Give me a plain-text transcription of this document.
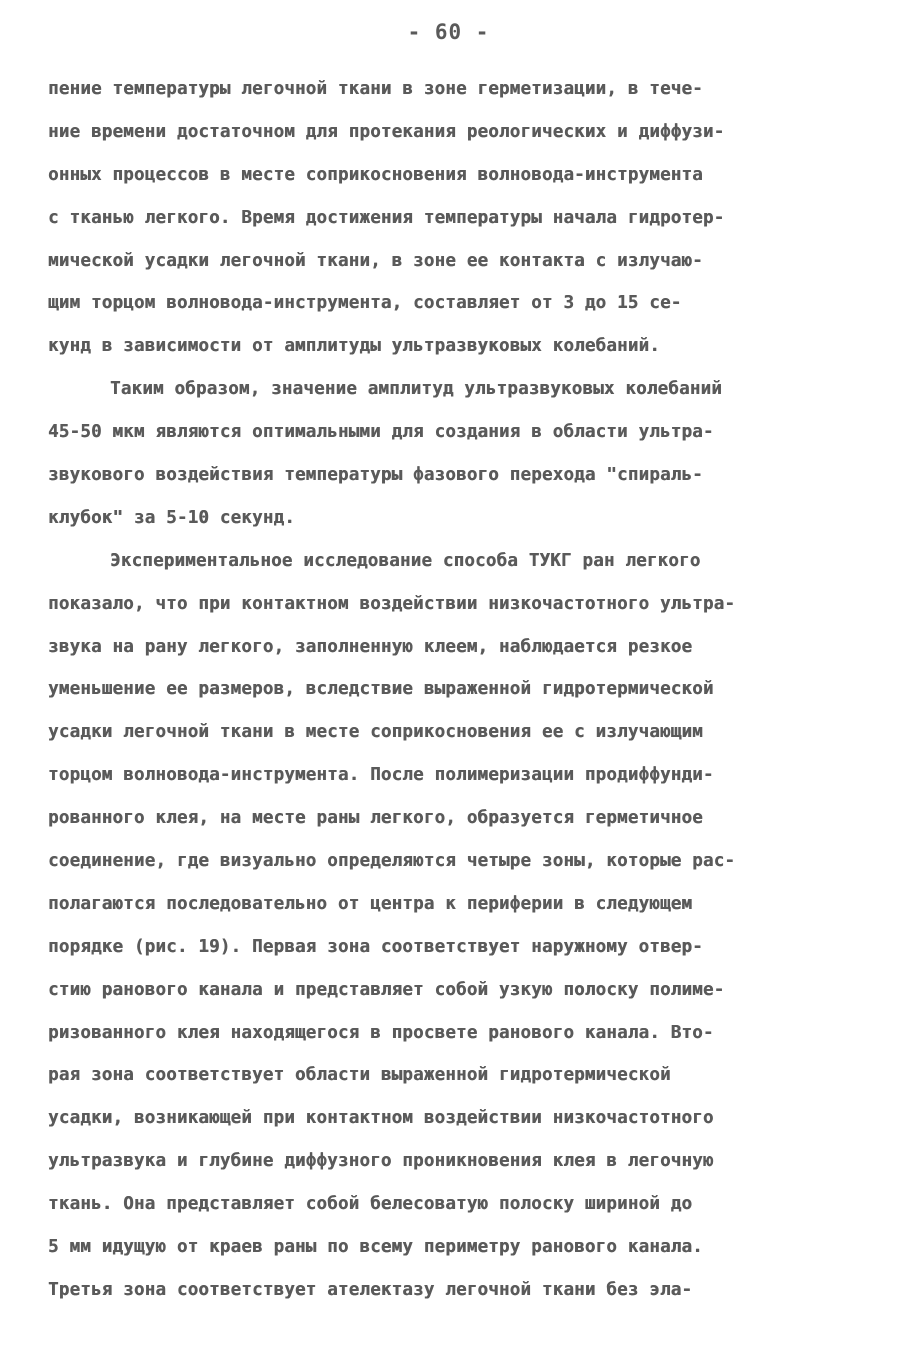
- 60 -
пение температуры легочной ткани в зоне герметизации, в тече-
ние времени достаточном для протекания реологических и диффузи-
онных процессов в месте соприкосновения волновода-инструмента
с тканью легкого. Время достижения температуры начала гидротер-
мической усадки легочной ткани, в зоне ее контакта с излучаю-
щим торцом волновода-инструмента, составляет от 3 до 15 се-
кунд в зависимости от амплитуды ультразвуковых колебаний.
Таким образом, значение амплитуд ультразвуковых колебаний
45-50 мкм являются оптимальными для создания в области ультра-
звукового воздействия температуры фазового перехода "спираль-
клубок" за 5-10 секунд.
Экспериментальное исследование способа ТУКГ ран легкого
показало, что при контактном воздействии низкочастотного ультра-
звука на рану легкого, заполненную клеем, наблюдается резкое
уменьшение ее размеров, вследствие выраженной гидротермической
усадки легочной ткани в месте соприкосновения ее с излучающим
торцом волновода-инструмента. После полимеризации продиффунди-
рованного клея, на месте раны легкого, образуется герметичное
соединение, где визуально определяются четыре зоны, которые рас-
полагаются последовательно от центра к периферии в следующем
порядке (рис. 19). Первая зона соответствует наружному отвер-
стию ранового канала и представляет собой узкую полоску полиме-
ризованного клея находящегося в просвете ранового канала. Вто-
рая зона соответствует области выраженной гидротермической
усадки, возникающей при контактном воздействии низкочастотного
ультразвука и глубине диффузного проникновения клея в легочную
ткань. Она представляет собой белесоватую полоску шириной до
5 мм идущую от краев раны по всему периметру ранового канала.
Третья зона соответствует ателектазу легочной ткани без эла-
